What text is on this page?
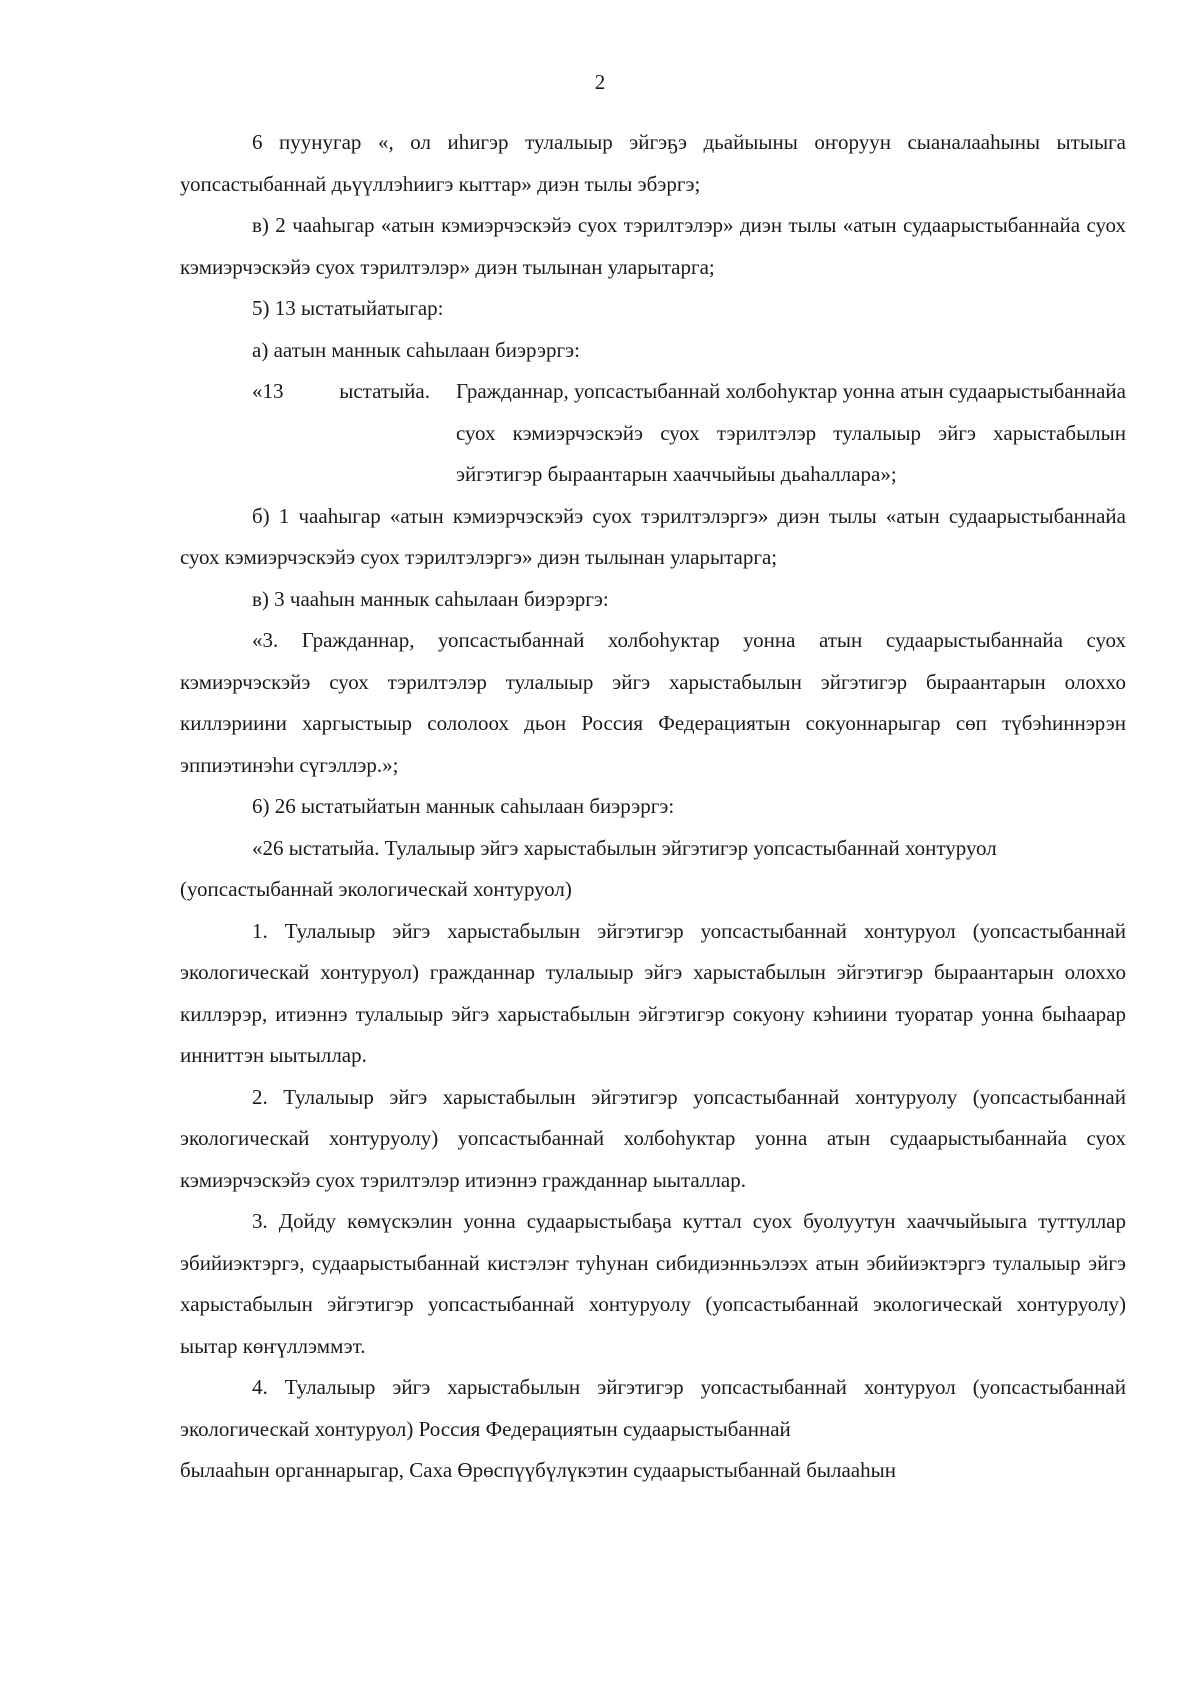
2

6 пуунугар «, ол иһигэр тулалыыр эйгэҕэ дьайыыны оҥоруун сыаналааһыны ытыыга уопсастыбаннай дьүүллэһиигэ кыттар» диэн тылы эбэргэ;

в) 2 чааһыгар «атын кэмиэрчэскэйэ суох тэрилтэлэр» диэн тылы «атын судаарыстыбаннайа суох кэмиэрчэскэйэ суох тэрилтэлэр» диэн тылынан уларытарга;

5) 13 ыстатыйатыгар:

а) аатын маннык саһылаан биэрэргэ:

«13	ыстатыйа. Гражданнар, уопсастыбаннай холбоһуктар уонна атын судаарыстыбаннайа суох кэмиэрчэскэйэ суох тэрилтэлэр тулалыыр эйгэ харыстабылын эйгэтигэр быраантарын хааччыйыы дьаһаллара»;

б) 1 чааһыгар «атын кэмиэрчэскэйэ суох тэрилтэлэргэ» диэн тылы «атын судаарыстыбаннайа суох кэмиэрчэскэйэ суох тэрилтэлэргэ» диэн тылынан уларытарга;

в) 3 чааһын маннык саһылаан биэрэргэ:

«3. Гражданнар, уопсастыбаннай холбоһуктар уонна атын судаарыстыбаннайа суох кэмиэрчэскэйэ суох тэрилтэлэр тулалыыр эйгэ харыстабылын эйгэтигэр быраантарын олоххо киллэриини харгыстыыр сололоох дьон Россия Федерациятын сокуоннарыгар сөп түбэһиннэрэн эппиэтинэһи сүгэллэр.»;

6) 26 ыстатыйатын маннык саһылаан биэрэргэ:

«26 ыстатыйа. Тулалыыр эйгэ харыстабылын эйгэтигэр уопсастыбаннай хонтуруол

(уопсастыбаннай экологическай хонтуруол)

1. Тулалыыр эйгэ харыстабылын эйгэтигэр уопсастыбаннай хонтуруол (уопсастыбаннай экологическай хонтуруол) гражданнар тулалыыр эйгэ харыстабылын эйгэтигэр быраантарын олоххо киллэрэр, итиэннэ тулалыыр эйгэ харыстабылын эйгэтигэр сокуону кэһиини туоратар уонна быһаарар инниттэн ыытыллар.

2. Тулалыыр эйгэ харыстабылын эйгэтигэр уопсастыбаннай хонтуруолу (уопсастыбаннай экологическай хонтуруолу) уопсастыбаннай холбоһуктар уонна атын судаарыстыбаннайа суох кэмиэрчэскэйэ суох тэрилтэлэр итиэннэ гражданнар ыыталлар.

3. Дойду көмүскэлин уонна судаарыстыбаҕа куттал суох буолуутун хааччыйыыга туттуллар эбийиэктэргэ, судаарыстыбаннай кистэлэҥ туһунан сибидиэнньэлээх атын эбийиэктэргэ тулалыыр эйгэ харыстабылын эйгэтигэр уопсастыбаннай хонтуруолу (уопсастыбаннай экологическай хонтуруолу) ыытар көҥүллэммэт.

4. Тулалыыр эйгэ харыстабылын эйгэтигэр уопсастыбаннай хонтуруол (уопсастыбаннай экологическай хонтуруол) Россия Федерациятын судаарыстыбаннай

былааһын органнарыгар, Саха Өрөспүүбүлүкэтин судаарыстыбаннай былааһын
